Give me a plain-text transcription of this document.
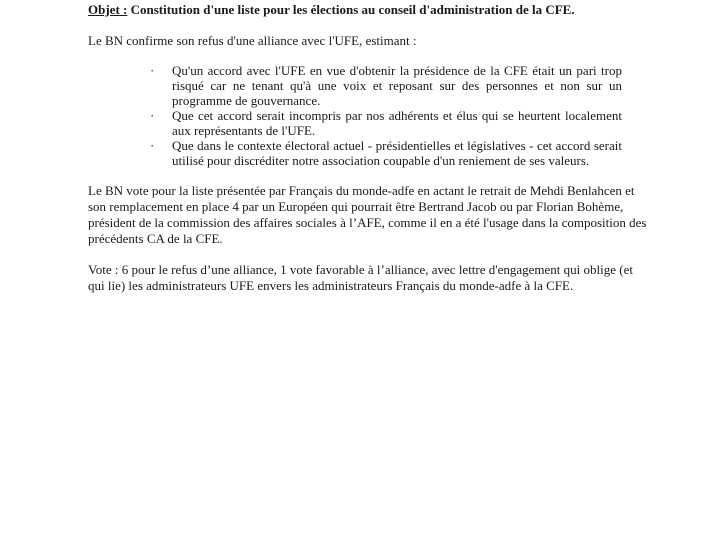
Objet : Constitution d'une liste pour les élections au conseil d'administration de la CFE.
Le BN confirme son refus d'une alliance avec l'UFE, estimant :
· Qu'un accord avec l'UFE en vue d'obtenir la présidence de la CFE était un pari trop risqué car ne tenant qu'à une voix et reposant sur des personnes et non sur un programme de gouvernance.
· Que cet accord serait incompris par nos adhérents et élus qui se heurtent localement aux représentants de l'UFE.
· Que dans le contexte électoral actuel - présidentielles et législatives - cet accord serait utilisé pour discréditer notre association coupable d'un reniement de ses valeurs.
Le BN vote pour la liste présentée par Français du monde-adfe en actant le retrait de Mehdi Benlahcen et son remplacement en place 4 par un Européen qui pourrait être Bertrand Jacob ou par Florian Bohème, président de la commission des affaires sociales à l’AFE, comme il en a été l'usage dans la composition des précédents CA de la CFE.
Vote : 6 pour le refus d’une alliance, 1 vote favorable à l’alliance, avec lettre d'engagement qui oblige (et qui lie) les administrateurs UFE envers les administrateurs Français du monde-adfe à la CFE.
